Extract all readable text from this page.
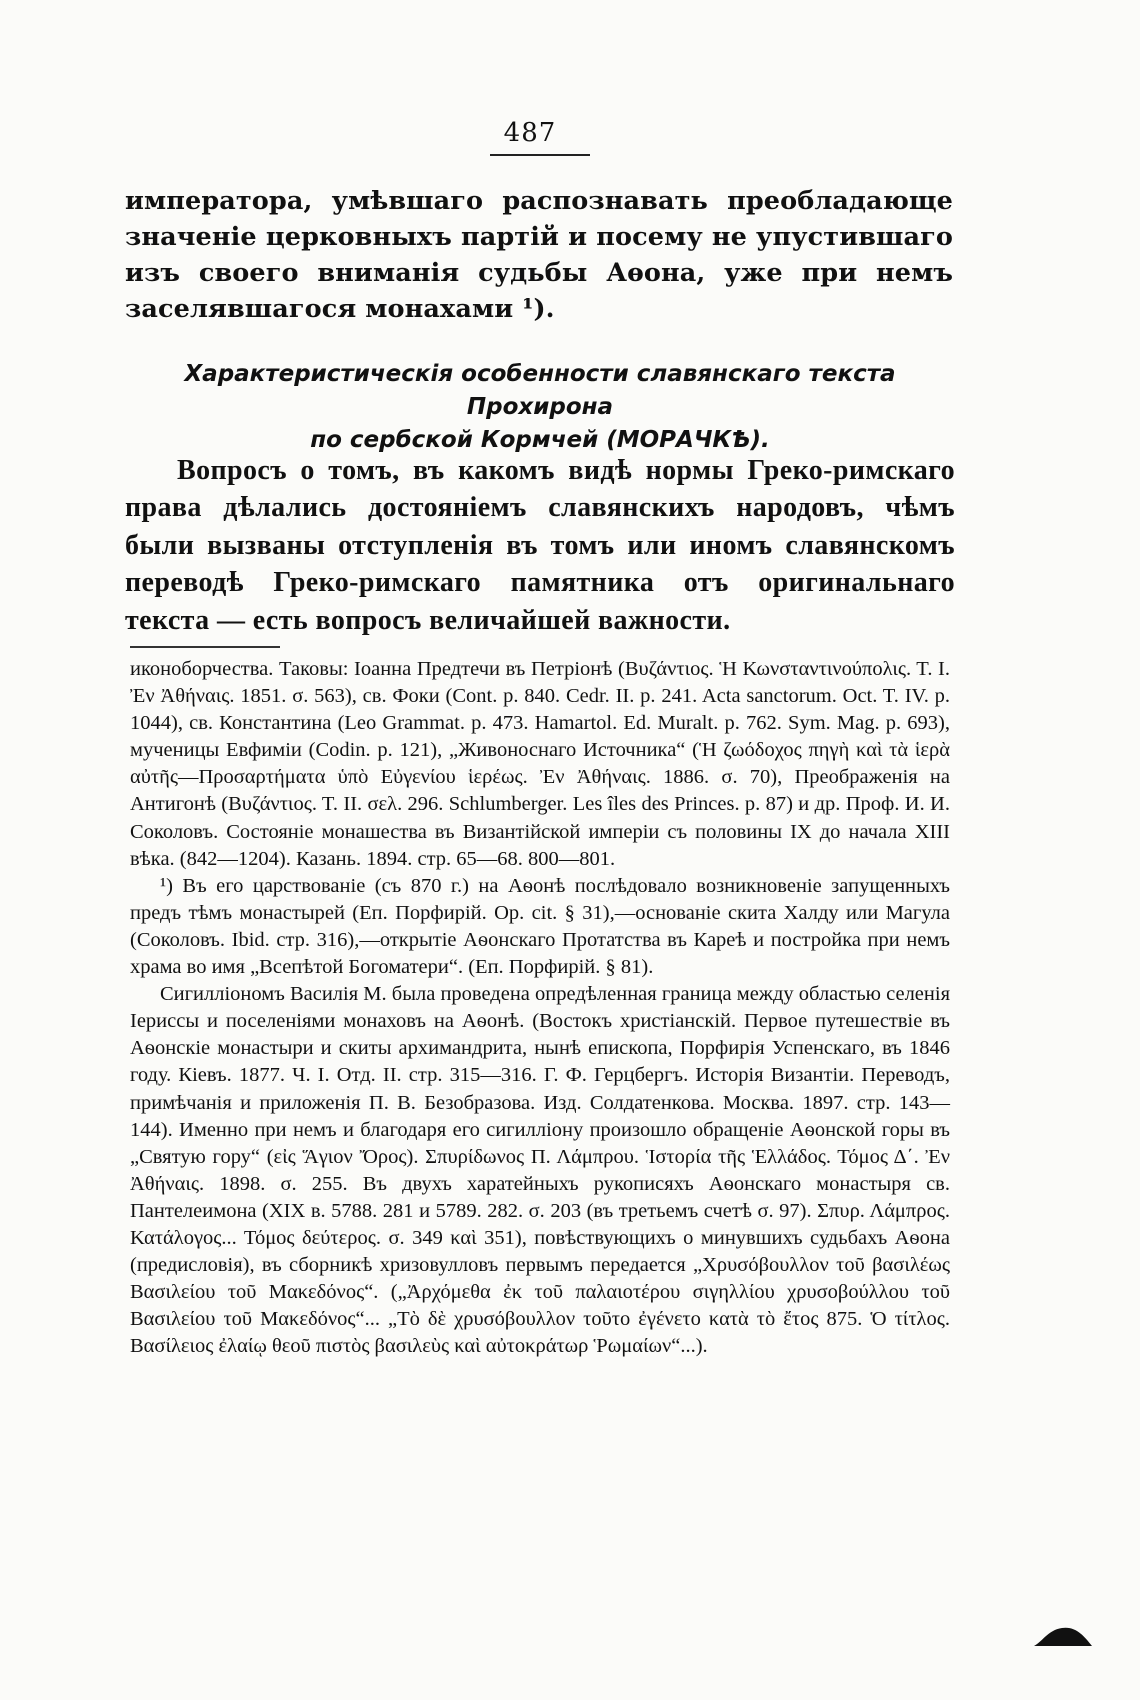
487
императора, умѣвшаго распознавать преобладающе значеніе церковныхъ партій и посему не упустившаго изъ своего вниманія судьбы Аѳона, уже при немъ заселявшагося монахами ¹).
Характеристическія особенности славянскаго текста Прохирона
по сербской Кормчей (МОРАЧКѢ).
Вопросъ о томъ, въ какомъ видѣ нормы Греко-римскаго права дѣлались достояніемъ славянскихъ народовъ, чѣмъ были вызваны отступленія въ томъ или иномъ славянскомъ переводѣ Греко-римскаго памятника отъ оригинальнаго текста — есть вопросъ величайшей важности.

иконоборчества. Таковы: Іоанна Предтечи въ Петріонѣ (Βυζάντιος. Ἡ Κωνσταντινούπολις. Τ. Ι. Ἐν Ἀθήναις. 1851. σ. 563), св. Фоки (Cont. p. 840. Cedr. II. p. 241. Acta sanctorum. Oct. T. IV. p. 1044), св. Константина (Leo Grammat. p. 473. Hamartol. Ed. Muralt. p. 762. Sym. Mag. p. 693), мученицы Евфиміи (Codin. p. 121), „Живоноснаго Источника“ (Ἡ ζωόδοχος πηγὴ καὶ τὰ ἱερὰ αὐτῆς—Προσαρτήματα ὑπὸ Εὐγενίου ἱερέως. Ἐν Ἀθήναις. 1886. σ. 70), Преображенія на Антигонѣ (Βυζάντιος. Τ. ΙΙ. σελ. 296. Schlumberger. Les îles des Princes. p. 87) и др. Проф. И. И. Соколовъ. Состояніе монашества въ Византійской имперіи съ половины IX до начала XIII вѣка. (842—1204). Казань. 1894. стр. 65—68. 800—801.

¹) Въ его царствованіе (съ 870 г.) на Аѳонѣ послѣдовало возникновеніе запущенныхъ предъ тѣмъ монастырей (Еп. Порфирій. Op. cit. § 31),—основаніе скита Халду или Магула (Соколовъ. Ibid. стр. 316),—открытіе Аѳонскаго Протатства въ Кареѣ и постройка при немъ храма во имя „Всепѣтой Богоматери“. (Еп. Порфирій. § 81).

Сигиллiономъ Василія М. была проведена опредѣленная граница между областью селенія Іериссы и поселеніями монаховъ на Аѳонѣ. (Востокъ христіанскій. Первое путешествіе въ Аѳонскіе монастыри и скиты архимандрита, нынѣ епископа, Порфирія Успенскаго, въ 1846 году. Кіевъ. 1877. Ч. I. Отд. II. стр. 315—316. Г. Ф. Герцбергъ. Исторія Византіи. Переводъ, примѣчанія и приложенія П. В. Безобразова. Изд. Солдатенкова. Москва. 1897. стр. 143—144). Именно при немъ и благодаря его сигиллiону произошло обращеніе Аѳонской горы въ „Святую гору“ (εἰς Ἅγιον Ὄρος). Σπυρίδωνος Π. Λάμπρου. Ἱστορία τῆς Ἑλλάδος. Τόμος Δ΄. Ἐν Ἀθήναις. 1898. σ. 255. Въ двухъ харатейныхъ рукописяхъ Аѳонскаго монастыря св. Пантелеимона (XIX в. 5788. 281 и 5789. 282. σ. 203 (въ третьемъ счетѣ σ. 97). Σπυρ. Λάμπρος. Κατάλογος... Τόμος δεύτερος. σ. 349 καὶ 351), повѣствующихъ о минувшихъ судьбахъ Аѳона (предисловія), въ сборникѣ хризовулловъ первымъ передается „Χρυσόβουλλον τοῦ βασιλέως Βασιλείου τοῦ Μακεδόνος“. („Ἀρχόμεθα ἐκ τοῦ παλαιοτέρου σιγηλλίου χρυσοβούλλου τοῦ Βασιλείου τοῦ Μακεδόνος“... „Τὸ δὲ χρυσόβουλλον τοῦτο ἐγένετο κατὰ τὸ ἔτος 875. Ὁ τίτλος. Βασίλειος ἐλαίῳ θεοῦ πιστὸς βασιλεὺς καὶ αὐτοκράτωρ Ῥωμαίων“...).
